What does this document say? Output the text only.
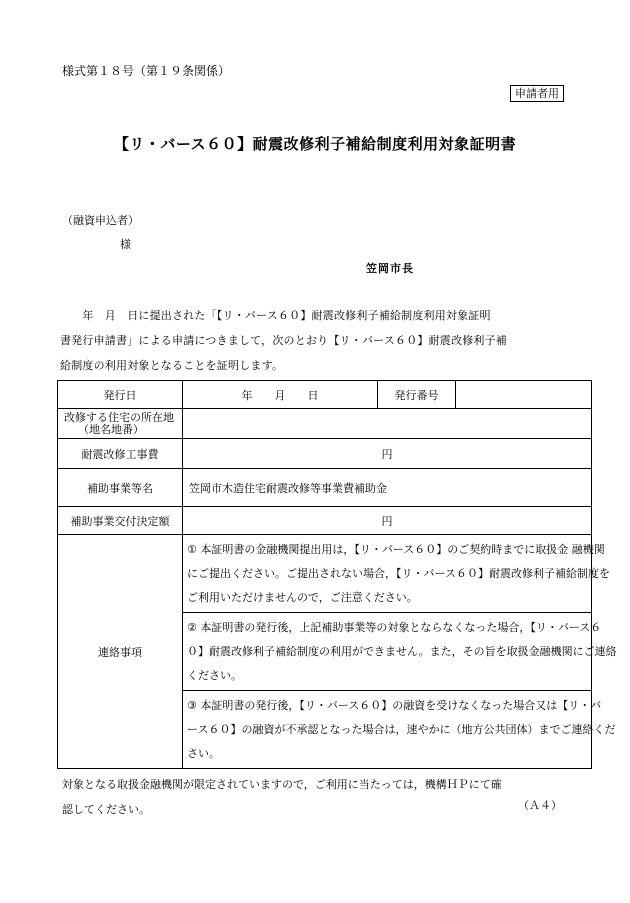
様式第１８号（第１９条関係）
申請者用
【リ・バース６０】耐震改修利子補給制度利用対象証明書
（融資申込者）
様
笠岡市長
　　年　月　日に提出された「【リ・バース６０】耐震改修利子補給制度利用対象証明
書発行申請書」による申請につきまして，次のとおり【リ・バース６０】耐震改修利子補
給制度の利用対象となることを証明します。
発行日	年　　月　　日	発行番号	

改修する住宅の所在地
（地名地番）			

耐震改修工事費	円		
補助事業等名	笠岡市木造住宅耐震改修等事業費補助金		
補助事業交付決定額	円		
連絡事項	① 本証明書の金融機関提出用は，【リ・バース６０】のご契約時までに取扱金 融機関
にご提出ください。ご提出されない場合，【リ・バース６０】耐震改修利子補給制度を
ご利用いただけませんので，ご注意ください。		

	② 本証明書の発行後，上記補助事業等の対象とならなくなった場合，【リ・バース６
０】耐震改修利子補給制度の利用ができません。また，その旨を取扱金融機関にご連絡
ください。		

	③ 本証明書の発行後，【リ・バース６０】の融資を受けなくなった場合又は【リ・バ
ース６０】の融資が不承認となった場合は，速やかに（地方公共団体）までご連絡くだ
さい。		
対象となる取扱金融機関が限定されていますので，ご利用に当たっては，機構ＨＰにて確
認してください。	（Ａ４）
